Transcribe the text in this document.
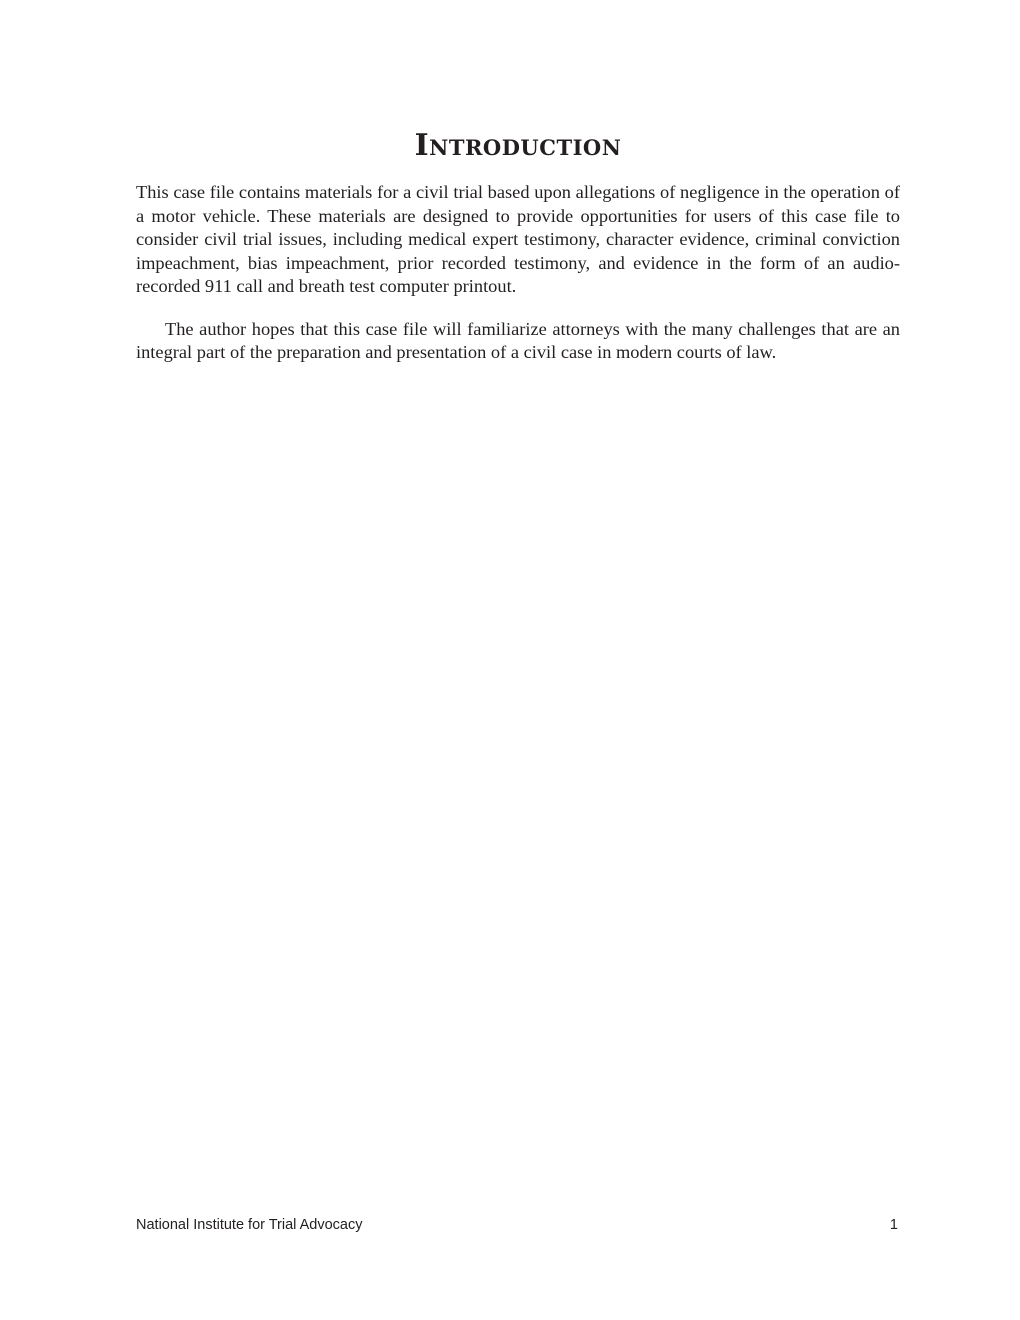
Introduction

This case file contains materials for a civil trial based upon allegations of negligence in the operation of a motor vehicle. These materials are designed to provide opportunities for users of this case file to consider civil trial issues, including medical expert testimony, character evidence, criminal conviction impeachment, bias impeachment, prior recorded testimony, and evidence in the form of an audio-recorded 911 call and breath test computer printout.

The author hopes that this case file will familiarize attorneys with the many challenges that are an integral part of the preparation and presentation of a civil case in modern courts of law.

National Institute for Trial Advocacy	1
